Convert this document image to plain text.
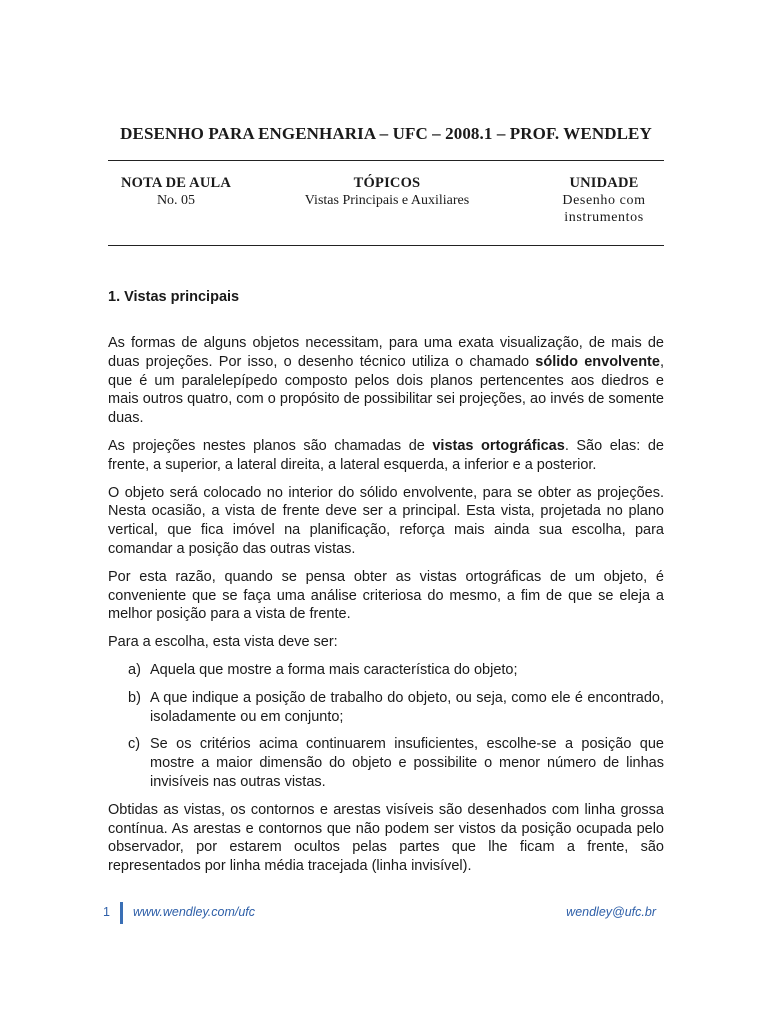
DESENHO PARA ENGENHARIA – UFC – 2008.1 – PROF. WENDLEY
NOTA DE AULA
No. 05
TÓPICOS
Vistas Principais e Auxiliares
UNIDADE
Desenho com instrumentos
1. Vistas principais

As formas de alguns objetos necessitam, para uma exata visualização, de mais de duas projeções. Por isso, o desenho técnico utiliza o chamado sólido envolvente, que é um paralelepípedo composto pelos dois planos pertencentes aos diedros e mais outros quatro, com o propósito de possibilitar sei projeções, ao invés de somente duas.

As projeções nestes planos são chamadas de vistas ortográficas. São elas: de frente, a superior, a lateral direita, a lateral esquerda, a inferior e a posterior.

O objeto será colocado no interior do sólido envolvente, para se obter as projeções. Nesta ocasião, a vista de frente deve ser a principal. Esta vista, projetada no plano vertical, que fica imóvel na planificação, reforça mais ainda sua escolha, para comandar a posição das outras vistas.

Por esta razão, quando se pensa obter as vistas ortográficas de um objeto, é conveniente que se faça uma análise criteriosa do mesmo, a fim de que se eleja a melhor posição para a vista de frente.

Para a escolha, esta vista deve ser:

a) Aquela que mostre a forma mais característica do objeto;
b) A que indique a posição de trabalho do objeto, ou seja, como ele é encontrado, isoladamente ou em conjunto;
c) Se os critérios acima continuarem insuficientes, escolhe-se a posição que mostre a maior dimensão do objeto e possibilite o menor número de linhas invisíveis nas outras vistas.

Obtidas as vistas, os contornos e arestas visíveis são desenhados com linha grossa contínua. As arestas e contornos que não podem ser vistos da posição ocupada pelo observador, por estarem ocultos pelas partes que lhe ficam a frente, são representados por linha média tracejada (linha invisível).

1 www.wendley.com/ufc	wendley@ufc.br
